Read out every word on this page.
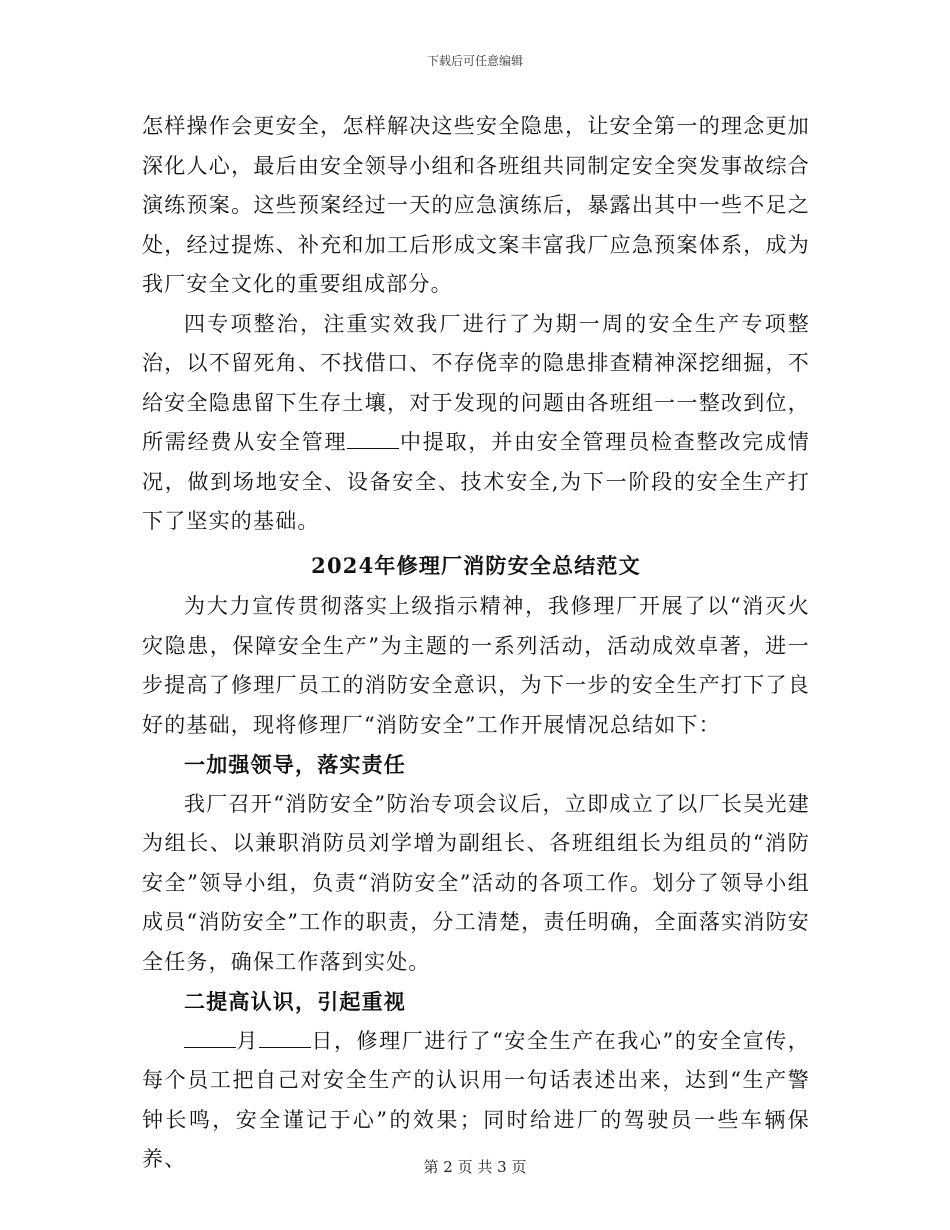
下载后可任意编辑

怎样操作会更安全，怎样解决这些安全隐患，让安全第一的理念更加深化人心，最后由安全领导小组和各班组共同制定安全突发事故综合演练预案。这些预案经过一天的应急演练后，暴露出其中一些不足之处，经过提炼、补充和加工后形成文案丰富我厂应急预案体系，成为我厂安全文化的重要组成部分。

四专项整治，注重实效我厂进行了为期一周的安全生产专项整治，以不留死角、不找借口、不存侥幸的隐患排查精神深挖细掘，不给安全隐患留下生存土壤，对于发现的问题由各班组一一整改到位，所需经费从安全管理 中提取，并由安全管理员检查整改完成情况，做到场地安全、设备安全、技术安全,为下一阶段的安全生产打下了坚实的基础。

2024年修理厂消防安全总结范文

为大力宣传贯彻落实上级指示精神，我修理厂开展了以“消灭火灾隐患，保障安全生产”为主题的一系列活动，活动成效卓著，进一步提高了修理厂员工的消防安全意识，为下一步的安全生产打下了良好的基础，现将修理厂“消防安全”工作开展情况总结如下：

一加强领导，落实责任

我厂召开“消防安全”防治专项会议后，立即成立了以厂长吴光建为组长、以兼职消防员刘学增为副组长、各班组组长为组员的“消防安全”领导小组，负责“消防安全”活动的各项工作。划分了领导小组成员“消防安全”工作的职责，分工清楚，责任明确，全面落实消防安全任务，确保工作落到实处。

二提高认识，引起重视

月 日，修理厂进行了“安全生产在我心”的安全宣传，每个员工把自己对安全生产的认识用一句话表述出来，达到“生产警钟长鸣，安全谨记于心”的效果；同时给进厂的驾驶员一些车辆保养、	第 2 页 共 3 页
